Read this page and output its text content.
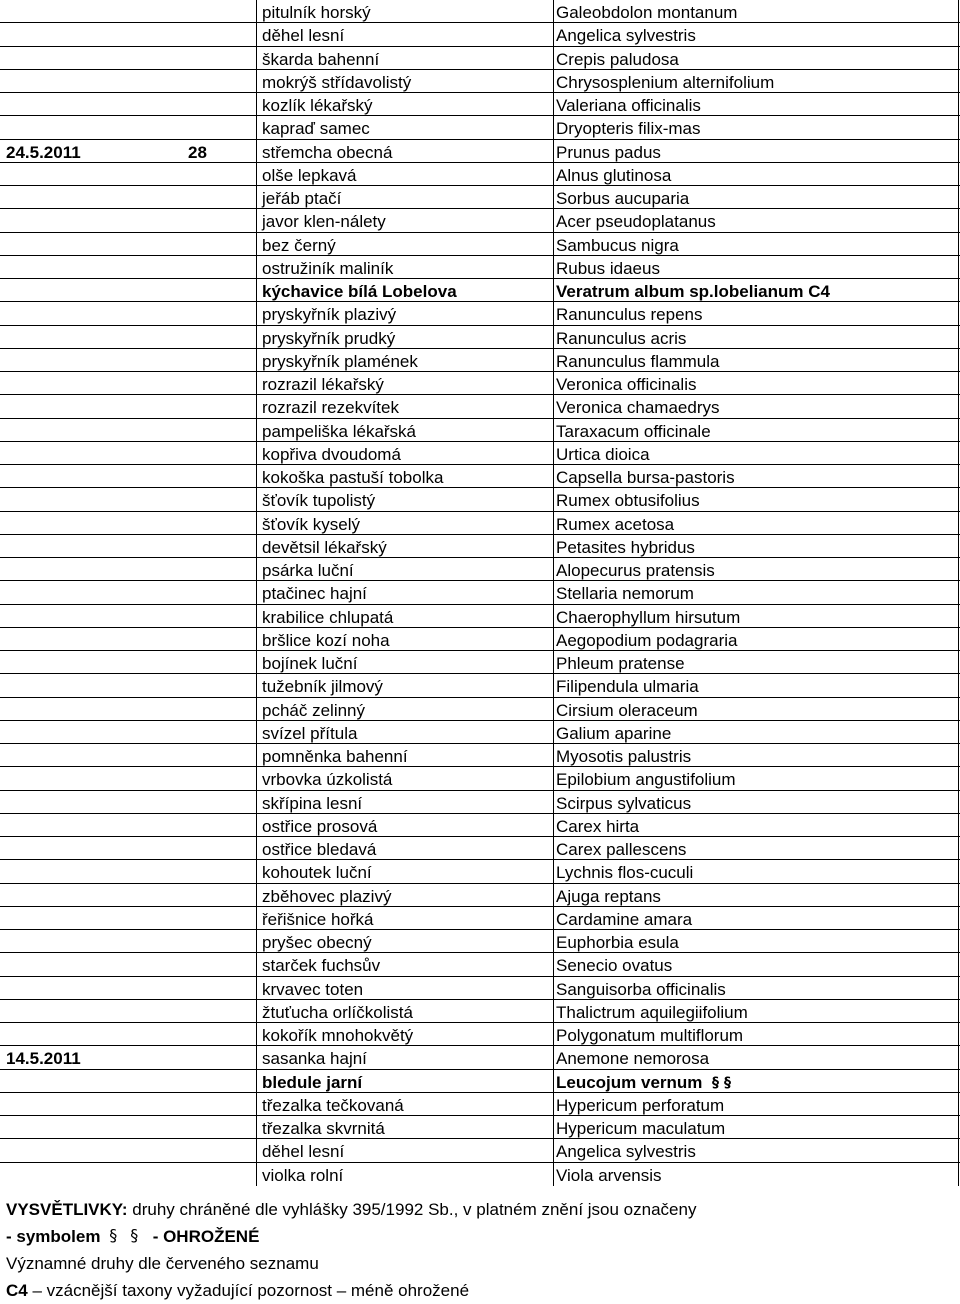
pitulník horský	Galeobdolon montanum
děhel lesní	Angelica sylvestris
škarda bahenní	Crepis paludosa
mokrýš střídavolistý	Chrysosplenium alternifolium
kozlík lékařský	Valeriana officinalis
kapraď samec	Dryopteris filix-mas
24.5.2011	28	střemcha obecná	Prunus padus
olše lepkavá	Alnus glutinosa
jeřáb ptačí	Sorbus aucuparia
javor klen-nálety	Acer pseudoplatanus
bez černý	Sambucus nigra
ostružiník maliník	Rubus idaeus
kýchavice bílá Lobelova	Veratrum album sp.lobelianum C4
pryskyřník plazivý	Ranunculus repens
pryskyřník prudký	Ranunculus acris
pryskyřník plamének	Ranunculus flammula
rozrazil lékařský	Veronica officinalis
rozrazil rezekvítek	Veronica chamaedrys
pampeliška lékařská	Taraxacum officinale
kopřiva dvoudomá	Urtica dioica
kokoška pastuší tobolka	Capsella bursa-pastoris
šťovík tupolistý	Rumex obtusifolius
šťovík kyselý	Rumex acetosa
devětsil lékařský	Petasites hybridus
psárka luční	Alopecurus pratensis
ptačinec hajní	Stellaria nemorum
krabilice chlupatá	Chaerophyllum hirsutum
bršlice kozí noha	Aegopodium podagraria
bojínek luční	Phleum pratense
tužebník jilmový	Filipendula ulmaria
pcháč zelinný	Cirsium oleraceum
svízel přítula	Galium aparine
pomněnka bahenní	Myosotis palustris
vrbovka úzkolistá	Epilobium angustifolium
skřípina lesní	Scirpus sylvaticus
ostřice prosová	Carex hirta
ostřice bledavá	Carex pallescens
kohoutek luční	Lychnis flos-cuculi
zběhovec plazivý	Ajuga reptans
řeřišnice hořká	Cardamine amara
pryšec obecný	Euphorbia esula
starček fuchsův	Senecio ovatus
krvavec toten	Sanguisorba officinalis
žtuťucha orlíčkolistá	Thalictrum aquilegiifolium
kokořík mnohokvětý	Polygonatum multiflorum
14.5.2011	sasanka hajní	Anemone nemorosa
bledule jarní	Leucojum vernum § §
třezalka tečkovaná	Hypericum perforatum
třezalka skvrnitá	Hypericum maculatum
děhel lesní	Angelica sylvestris
violka rolní	Viola arvensis
VYSVĚTLIVKY: druhy chráněné dle vyhlášky 395/1992 Sb., v platném znění jsou označeny
- symbolem §
§ - OHROŽENÉ
Významné druhy dle červeného seznamu
C4 – vzácnější taxony vyžadující pozornost – méně ohrožené
